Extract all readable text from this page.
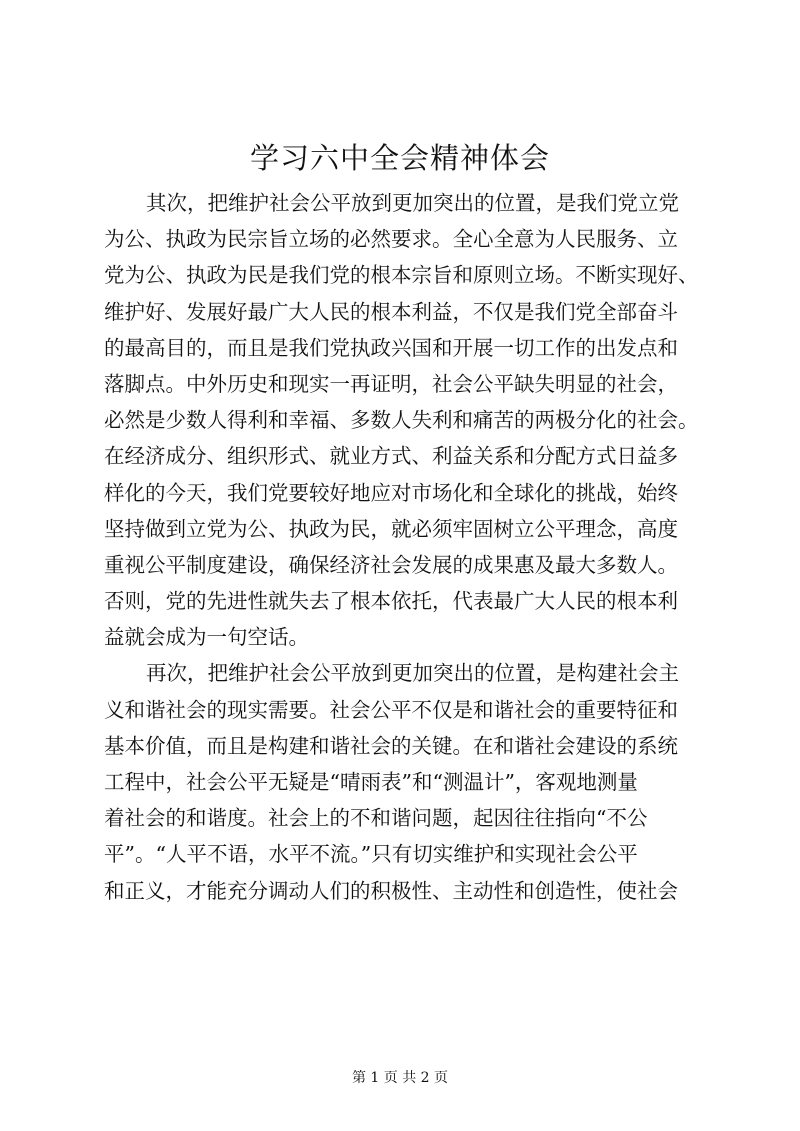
学习六中全会精神体会
其次，把维护社会公平放到更加突出的位置，是我们党立党
为公、执政为民宗旨立场的必然要求。全心全意为人民服务、立
党为公、执政为民是我们党的根本宗旨和原则立场。不断实现好、
维护好、发展好最广大人民的根本利益，不仅是我们党全部奋斗
的最高目的，而且是我们党执政兴国和开展一切工作的出发点和
落脚点。中外历史和现实一再证明，社会公平缺失明显的社会，
必然是少数人得利和幸福、多数人失利和痛苦的两极分化的社会。
在经济成分、组织形式、就业方式、利益关系和分配方式日益多
样化的今天，我们党要较好地应对市场化和全球化的挑战，始终
坚持做到立党为公、执政为民，就必须牢固树立公平理念，高度
重视公平制度建设，确保经济社会发展的成果惠及最大多数人。
否则，党的先进性就失去了根本依托，代表最广大人民的根本利
益就会成为一句空话。
再次，把维护社会公平放到更加突出的位置，是构建社会主
义和谐社会的现实需要。社会公平不仅是和谐社会的重要特征和
基本价值，而且是构建和谐社会的关键。在和谐社会建设的系统
工程中，社会公平无疑是“晴雨表”和“测温计”，客观地测量
着社会的和谐度。社会上的不和谐问题，起因往往指向“不公
平”。“人平不语，水平不流。”只有切实维护和实现社会公平
和正义，才能充分调动人们的积极性、主动性和创造性，使社会
第 1 页 共 2 页
